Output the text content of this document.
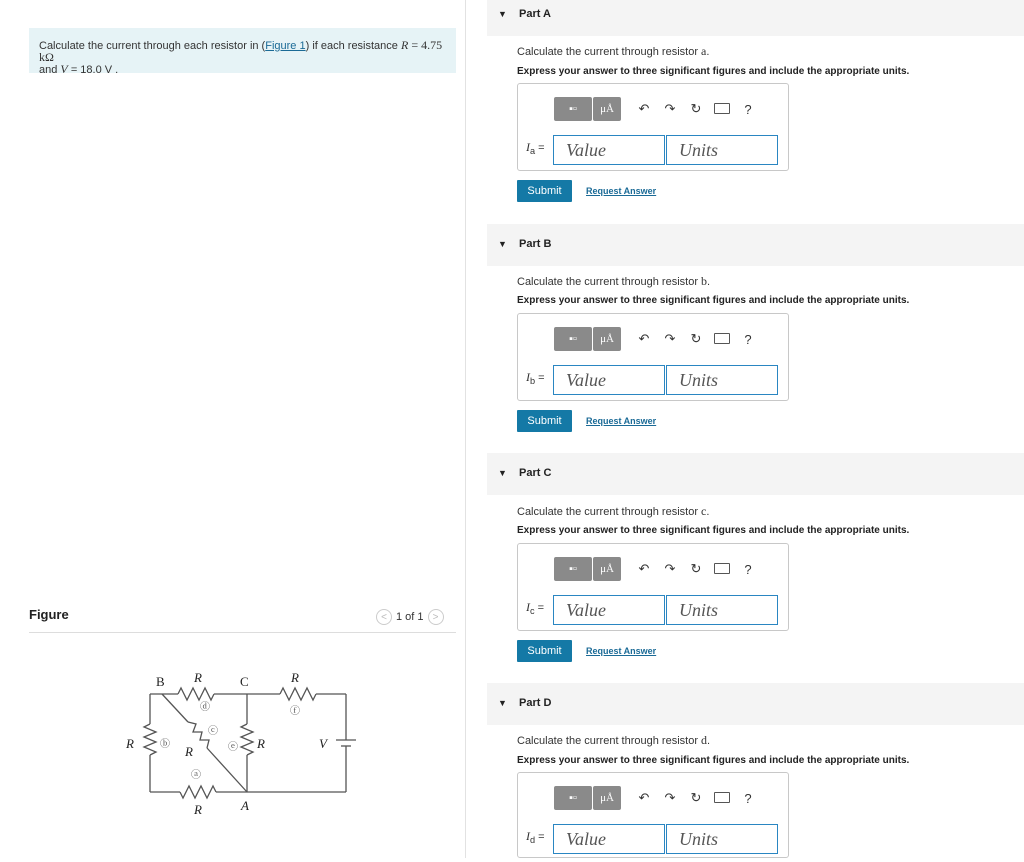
Calculate the current through each resistor in (Figure 1) if each resistance R = 4.75 kΩ
and V = 18.0 V .
Figure	< 1 of 1 >
B	C
A
R	R
R	R
R
R
V
ⓓ	ⓕ
ⓑ
ⓒ
ⓔ
ⓐ
▼ Part A
Calculate the current through resistor a.
Express your answer to three significant figures and include the appropriate units.
▪▫	μÅ	↶	↷	↻	?
$I_a$ =	Value	Units
Submit	Request Answer
▼ Part B
Calculate the current through resistor b.
Express your answer to three significant figures and include the appropriate units.
▪▫	μÅ	↶	↷	↻	?
$I_b$ =	Value	Units
Submit	Request Answer
▼ Part C
Calculate the current through resistor c.
Express your answer to three significant figures and include the appropriate units.
▪▫	μÅ	↶	↷	↻	?
$I_c$ =	Value	Units
Submit	Request Answer
▼ Part D
Calculate the current through resistor d.
Express your answer to three significant figures and include the appropriate units.
▪▫	μÅ	↶	↷	↻	?
$I_d$ =	Value	Units
